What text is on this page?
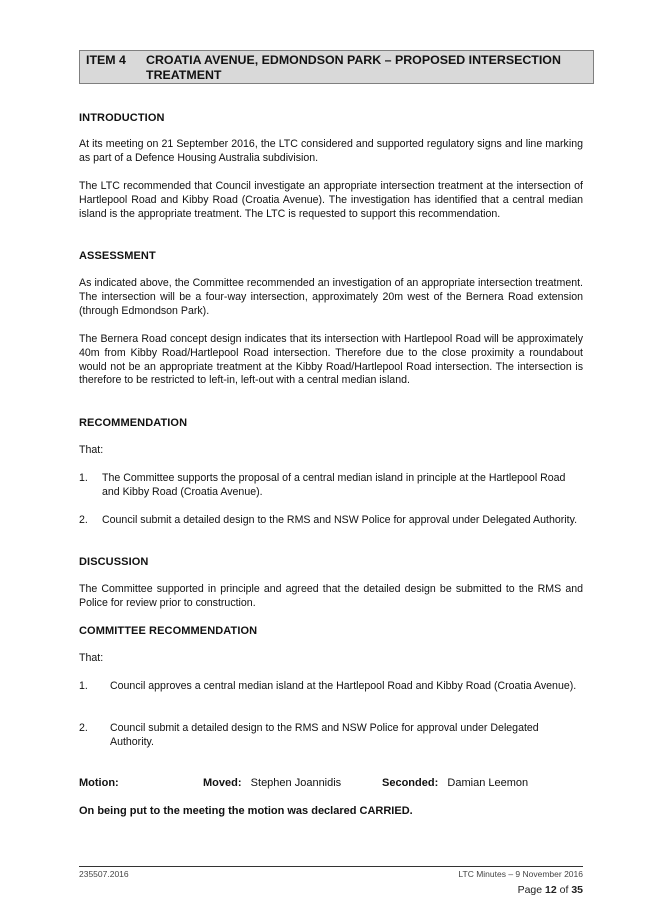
ITEM 4	CROATIA AVENUE, EDMONDSON PARK – PROPOSED INTERSECTION TREATMENT
INTRODUCTION

At its meeting on 21 September 2016, the LTC considered and supported regulatory signs and line marking as part of a Defence Housing Australia subdivision.

The LTC recommended that Council investigate an appropriate intersection treatment at the intersection of Hartlepool Road and Kibby Road (Croatia Avenue). The investigation has identified that a central median island is the appropriate treatment. The LTC is requested to support this recommendation.

ASSESSMENT

As indicated above, the Committee recommended an investigation of an appropriate intersection treatment. The intersection will be a four-way intersection, approximately 20m west of the Bernera Road extension (through Edmondson Park).

The Bernera Road concept design indicates that its intersection with Hartlepool Road will be approximately 40m from Kibby Road/Hartlepool Road intersection. Therefore due to the close proximity a roundabout would not be an appropriate treatment at the Kibby Road/Hartlepool Road intersection. The intersection is therefore to be restricted to left-in, left-out with a central median island.

RECOMMENDATION
That:
1. The Committee supports the proposal of a central median island in principle at the Hartlepool Road and Kibby Road (Croatia Avenue).
2. Council submit a detailed design to the RMS and NSW Police for approval under Delegated Authority.
DISCUSSION

The Committee supported in principle and agreed that the detailed design be submitted to the RMS and Police for review prior to construction.

COMMITTEE RECOMMENDATION
That:
1. Council approves a central median island at the Hartlepool Road and Kibby Road (Croatia Avenue).
2. Council submit a detailed design to the RMS and NSW Police for approval under Delegated Authority.
Motion:	Moved: Stephen Joannidis	Seconded: Damian Leemon
On being put to the meeting the motion was declared CARRIED.
235507.2016	LTC Minutes – 9 November 2016
Page 12 of 35
